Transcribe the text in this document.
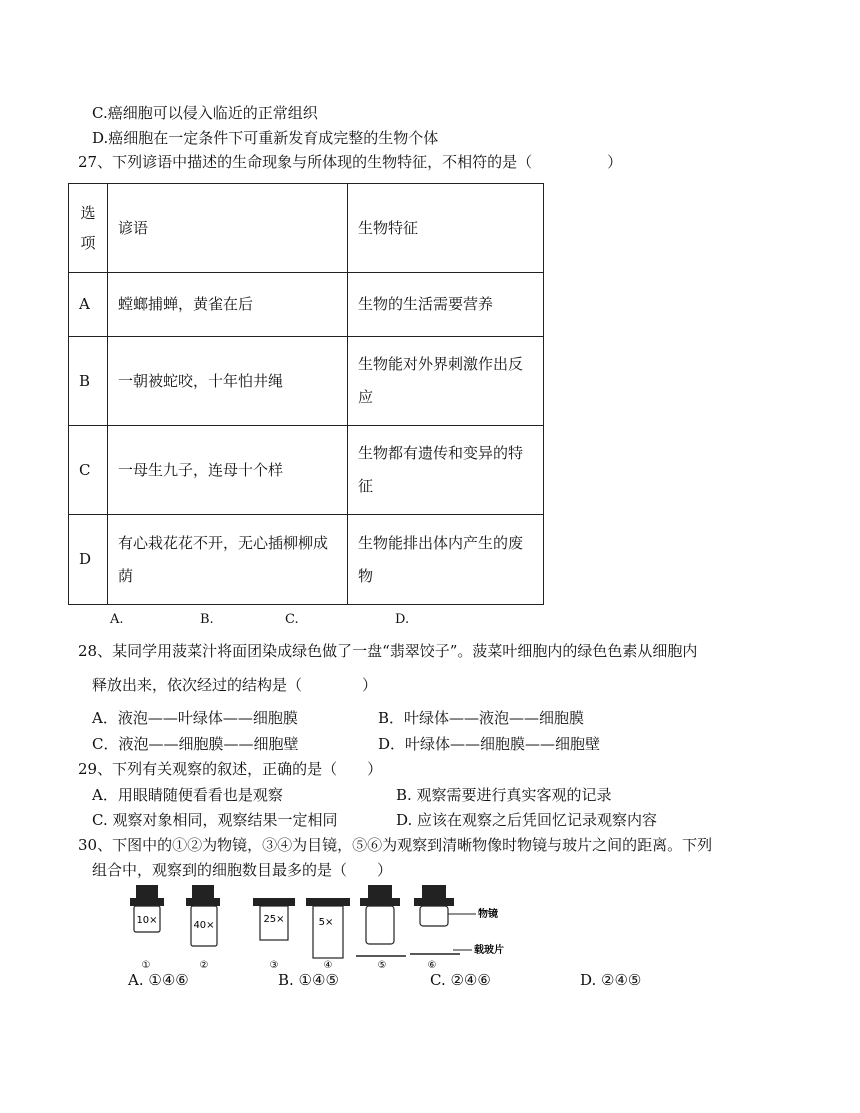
C.癌细胞可以侵入临近的正常组织
D.癌细胞在一定条件下可重新发育成完整的生物个体
27、下列谚语中描述的生命现象与所体现的生物特征，不相符的是（　　　　　）
选项	谚语	生物特征
A	螳螂捕蝉，黄雀在后	生物的生活需要营养
B	一朝被蛇咬，十年怕井绳	生物能对外界刺激作出反应

C	一母生九子，连母十个样	生物都有遗传和变异的特征

D	有心栽花花不开，无心插柳柳成荫	生物能排出体内产生的废物
A.	B.	C.	D.
28、某同学用菠菜汁将面团染成绿色做了一盘“翡翠饺子”。菠菜叶细胞内的绿色色素从细胞内
释放出来，依次经过的结构是（　　　　）
A．液泡——叶绿体——细胞膜	B．叶绿体——液泡——细胞膜
C．液泡——细胞膜——细胞壁	D．叶绿体——细胞膜——细胞壁
29、下列有关观察的叙述，正确的是（　　）
A．用眼睛随便看看也是观察	B. 观察需要进行真实客观的记录
C. 观察对象相同，观察结果一定相同	D. 应该在观察之后凭回忆记录观察内容
30、下图中的①②为物镜，③④为目镜，⑤⑥为观察到清晰物像时物镜与玻片之间的距离。下列
组合中，观察到的细胞数目最多的是（　　）
10×
①
40×
②
25×
③
5×
④	⑤	⑥
物镜
载玻片
A. ①④⑥	B. ①④⑤	C. ②④⑥	D. ②④⑤
